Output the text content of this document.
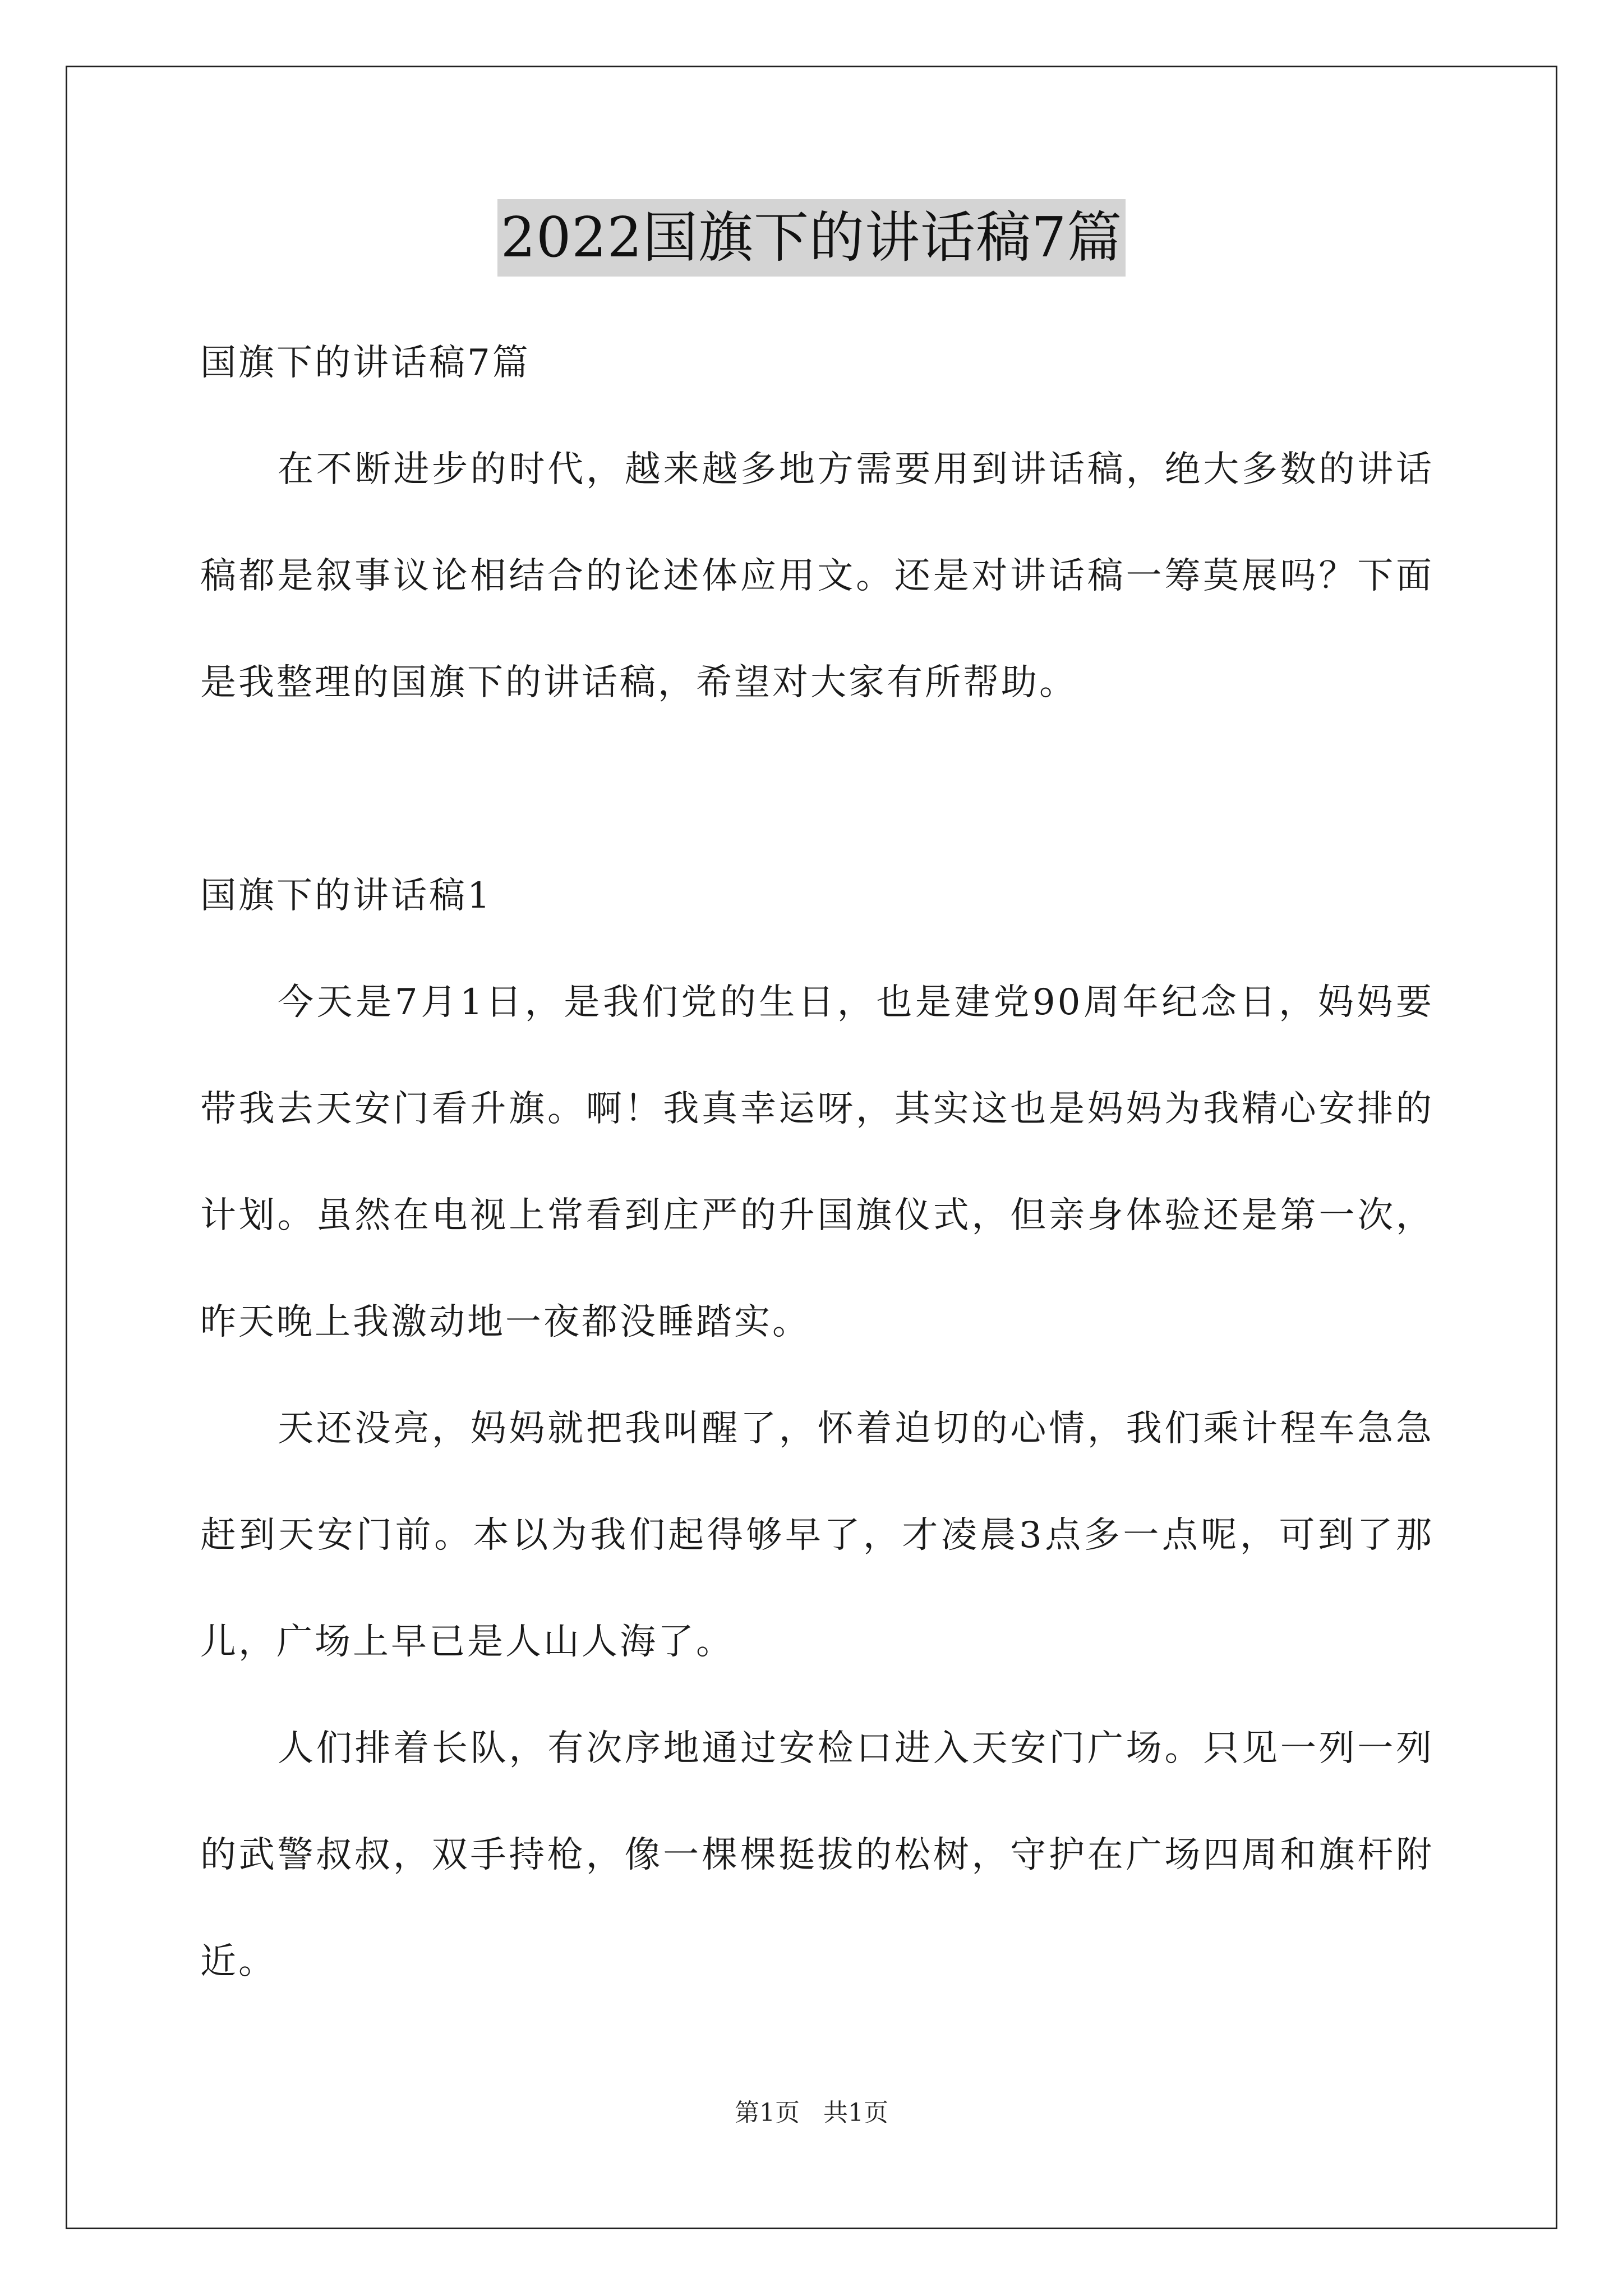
2022国旗下的讲话稿7篇

国旗下的讲话稿7篇

在不断进步的时代，越来越多地方需要用到讲话稿，绝大多数的讲话稿都是叙事议论相结合的论述体应用文。还是对讲话稿一筹莫展吗？下面是我整理的国旗下的讲话稿，希望对大家有所帮助。

国旗下的讲话稿1

今天是7月1日，是我们党的生日，也是建党90周年纪念日，妈妈要带我去天安门看升旗。啊！我真幸运呀，其实这也是妈妈为我精心安排的计划。虽然在电视上常看到庄严的升国旗仪式，但亲身体验还是第一次，昨天晚上我激动地一夜都没睡踏实。

天还没亮，妈妈就把我叫醒了，怀着迫切的心情，我们乘计程车急急赶到天安门前。本以为我们起得够早了，才凌晨3点多一点呢，可到了那儿，广场上早已是人山人海了。

人们排着长队，有次序地通过安检口进入天安门广场。只见一列一列的武警叔叔，双手持枪，像一棵棵挺拔的松树，守护在广场四周和旗杆附近。

第1页 共1页
